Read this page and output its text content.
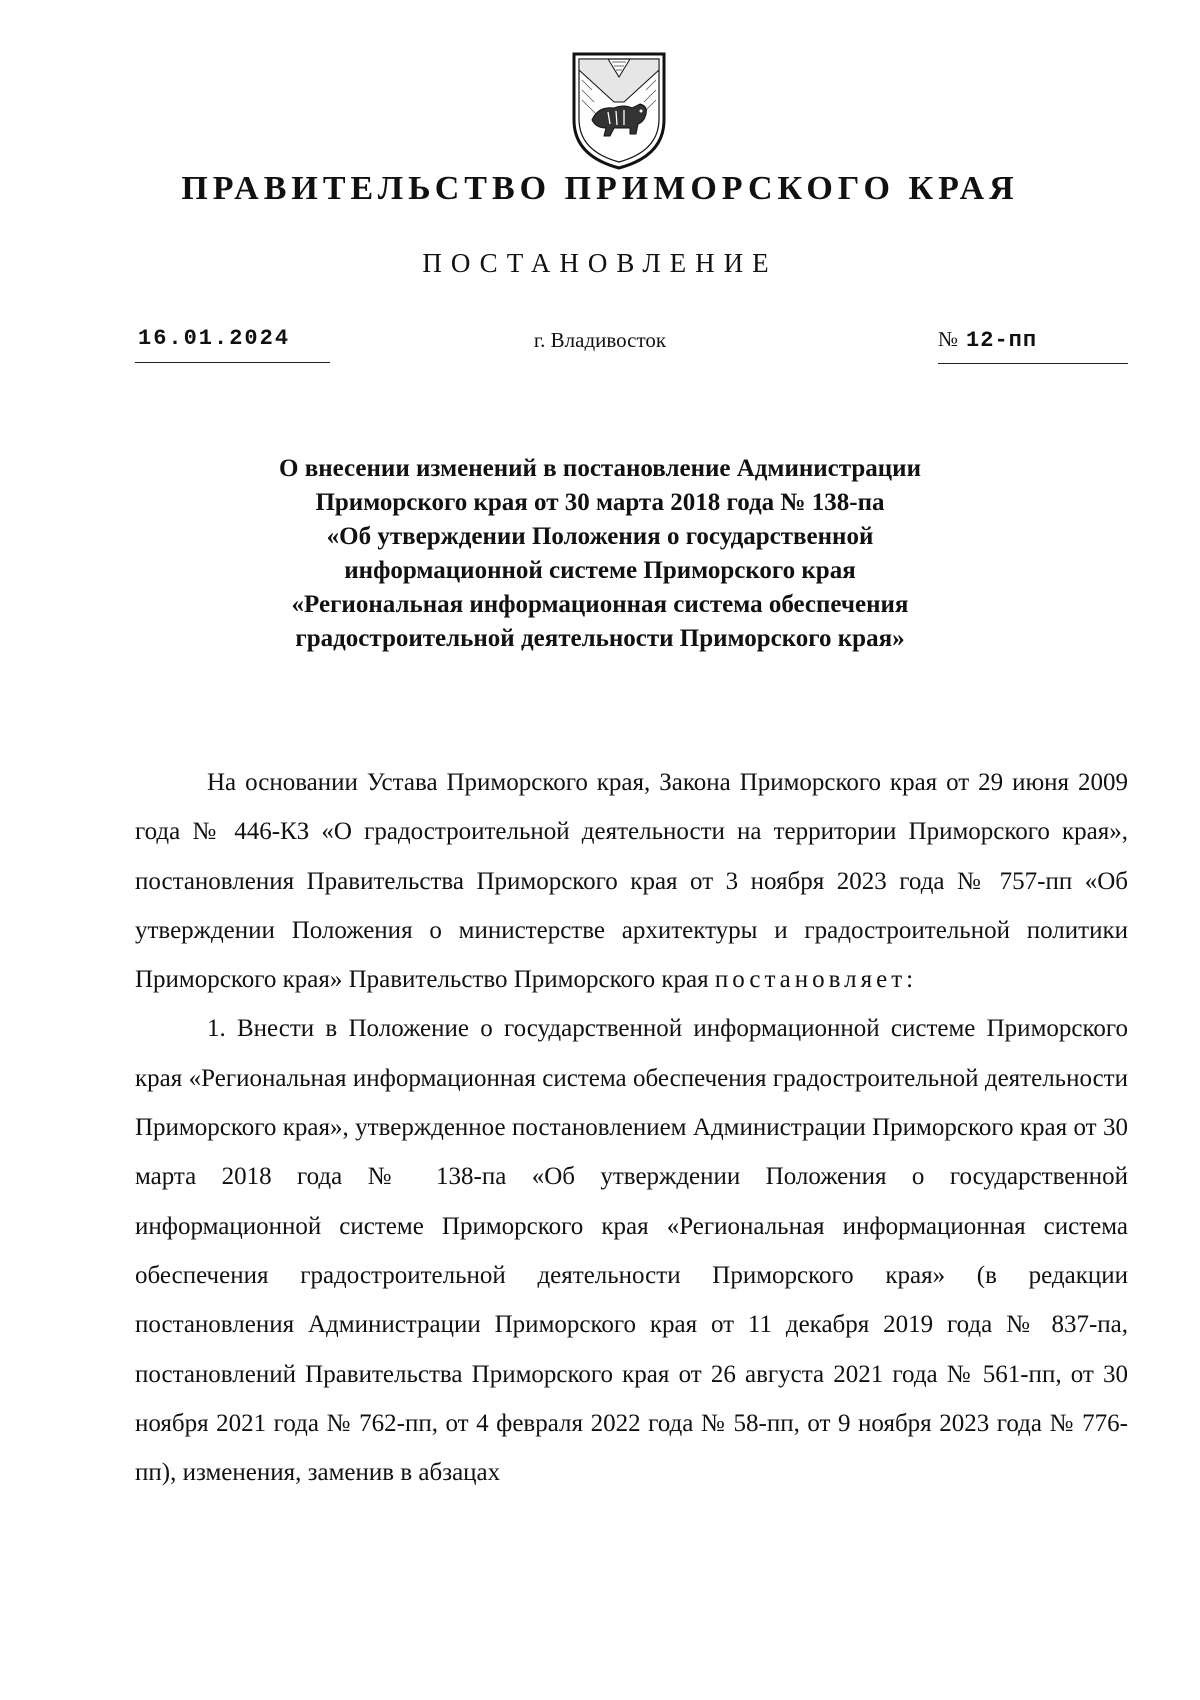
ПРАВИТЕЛЬСТВО ПРИМОРСКОГО КРАЯ
ПОСТАНОВЛЕНИЕ
16.01.2024	г. Владивосток	№ 12-пп
О внесении изменений в постановление Администрации
Приморского края от 30 марта 2018 года № 138-па
«Об утверждении Положения о государственной
информационной системе Приморского края
«Региональная информационная система обеспечения
градостроительной деятельности Приморского края»

На основании Устава Приморского края, Закона Приморского края от 29 июня 2009 года № 446-КЗ «О градостроительной деятельности на территории Приморского края», постановления Правительства Приморского края от 3 ноября 2023 года № 757-пп «Об утверждении Положения о министерстве архитектуры и градостроительной политики Приморского края» Правительство Приморского края постановляет:

1. Внести в Положение о государственной информационной системе Приморского края «Региональная информационная система обеспечения градостроительной деятельности Приморского края», утвержденное постановлением Администрации Приморского края от 30 марта 2018 года № 138-па «Об утверждении Положения о государственной информационной системе Приморского края «Региональная информационная система обеспечения градостроительной деятельности Приморского края» (в редакции постановления Администрации Приморского края от 11 декабря 2019 года № 837-па, постановлений Правительства Приморского края от 26 августа 2021 года № 561-пп, от 30 ноября 2021 года № 762-пп, от 4 февраля 2022 года № 58-пп, от 9 ноября 2023 года № 776-пп), изменения, заменив в абзацах
